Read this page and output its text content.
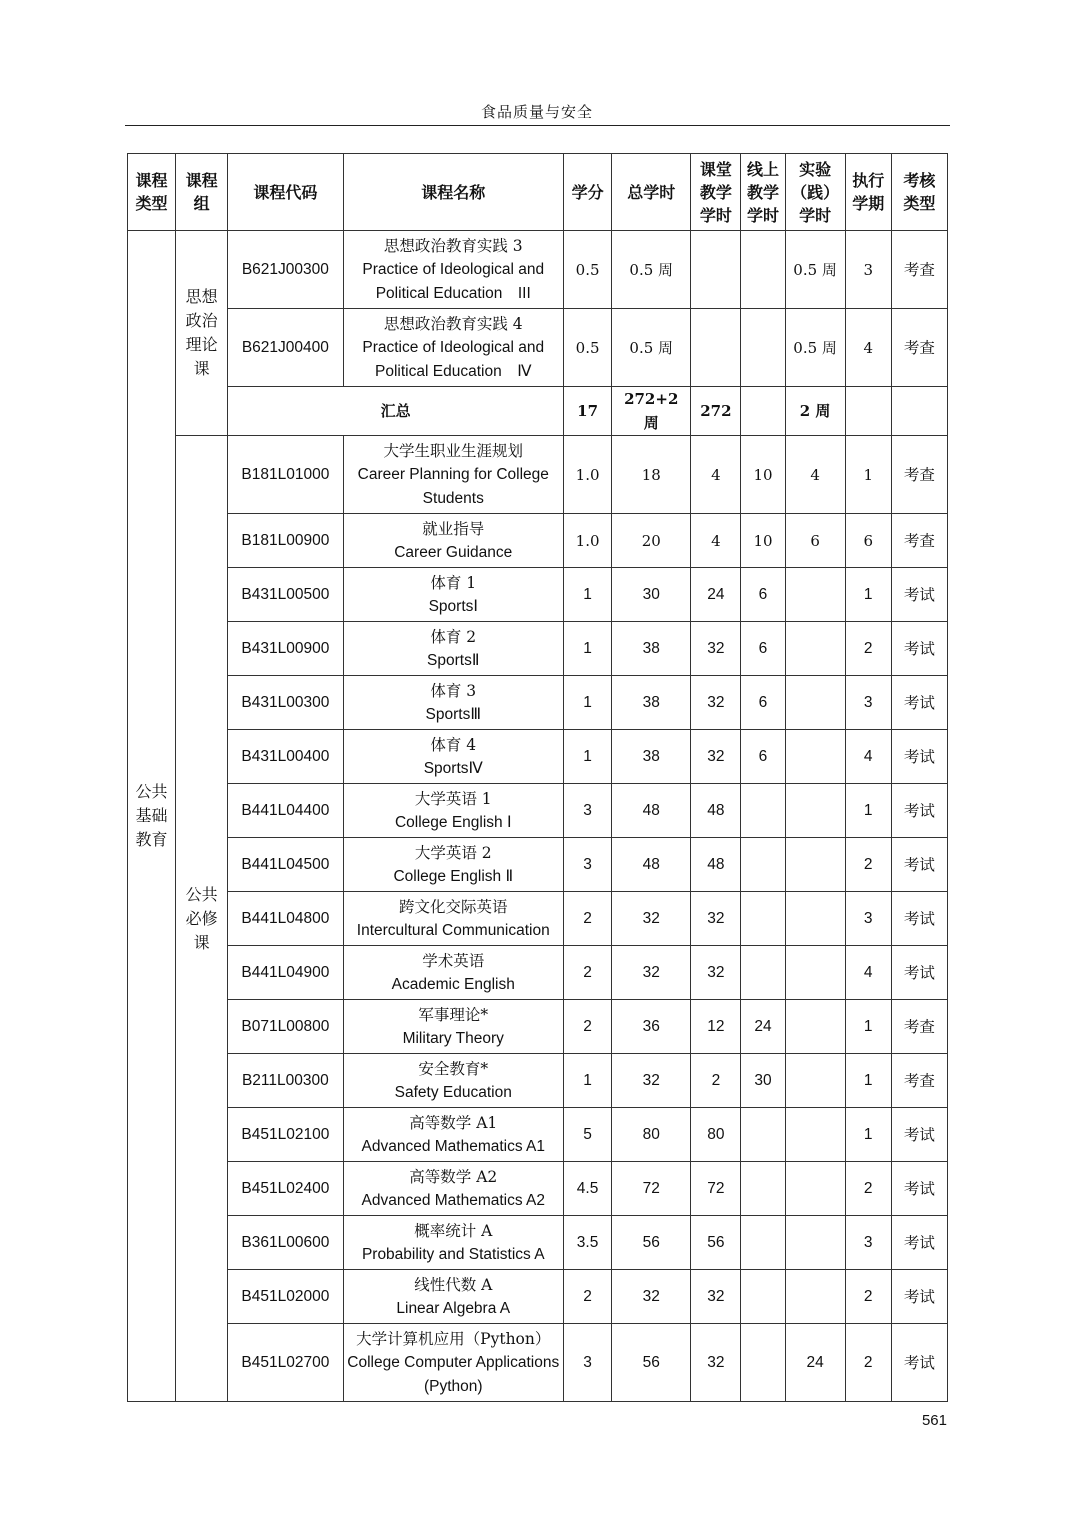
食品质量与安全
课程
类型	课程
组	课程代码	课程名称	学分	总学时	课堂
教学
学时	线上
教学
学时	实验
（践）
学时	执行
学期	考核
类型
公共
基础
教育	思想
政治
理论
课	B621J00300	思想政治教育实践 3
Practice of Ideological and Political Education　III	0.5	0.5 周			0.5 周	3	考查
		B621J00400	思想政治教育实践 4
Practice of Ideological and Political Education　Ⅳ	0.5	0.5 周			0.5 周	4	考查
		汇总		17	272+2 周	272		2 周		
	公共
必修
课	B181L01000	大学生职业生涯规划
Career Planning for College Students	1.0	18	4	10	4	1	考查
		B181L00900	就业指导
Career Guidance	1.0	20	4	10	6	6	考查
		B431L00500	体育 1
SportsⅠ	1	30	24	6		1	考试
		B431L00900	体育 2
SportsⅡ	1	38	32	6		2	考试
		B431L00300	体育 3
SportsⅢ	1	38	32	6		3	考试
		B431L00400	体育 4
SportsⅣ	1	38	32	6		4	考试
		B441L04400	大学英语 1
College English Ⅰ	3	48	48			1	考试
		B441L04500	大学英语 2
College English Ⅱ	3	48	48			2	考试
		B441L04800	跨文化交际英语
Intercultural Communication	2	32	32			3	考试
		B441L04900	学术英语
Academic English	2	32	32			4	考试
		B071L00800	军事理论*
Military Theory	2	36	12	24		1	考查
		B211L00300	安全教育*
Safety Education	1	32	2	30		1	考查
		B451L02100	高等数学 A1
Advanced Mathematics A1	5	80	80			1	考试
		B451L02400	高等数学 A2
Advanced Mathematics A2	4.5	72	72			2	考试
		B361L00600	概率统计 A
Probability and Statistics A	3.5	56	56			3	考试
		B451L02000	线性代数 A
Linear Algebra A	2	32	32			2	考试
		B451L02700	大学计算机应用（Python）
College Computer Applications (Python)	3	56	32		24	2	考试
561
